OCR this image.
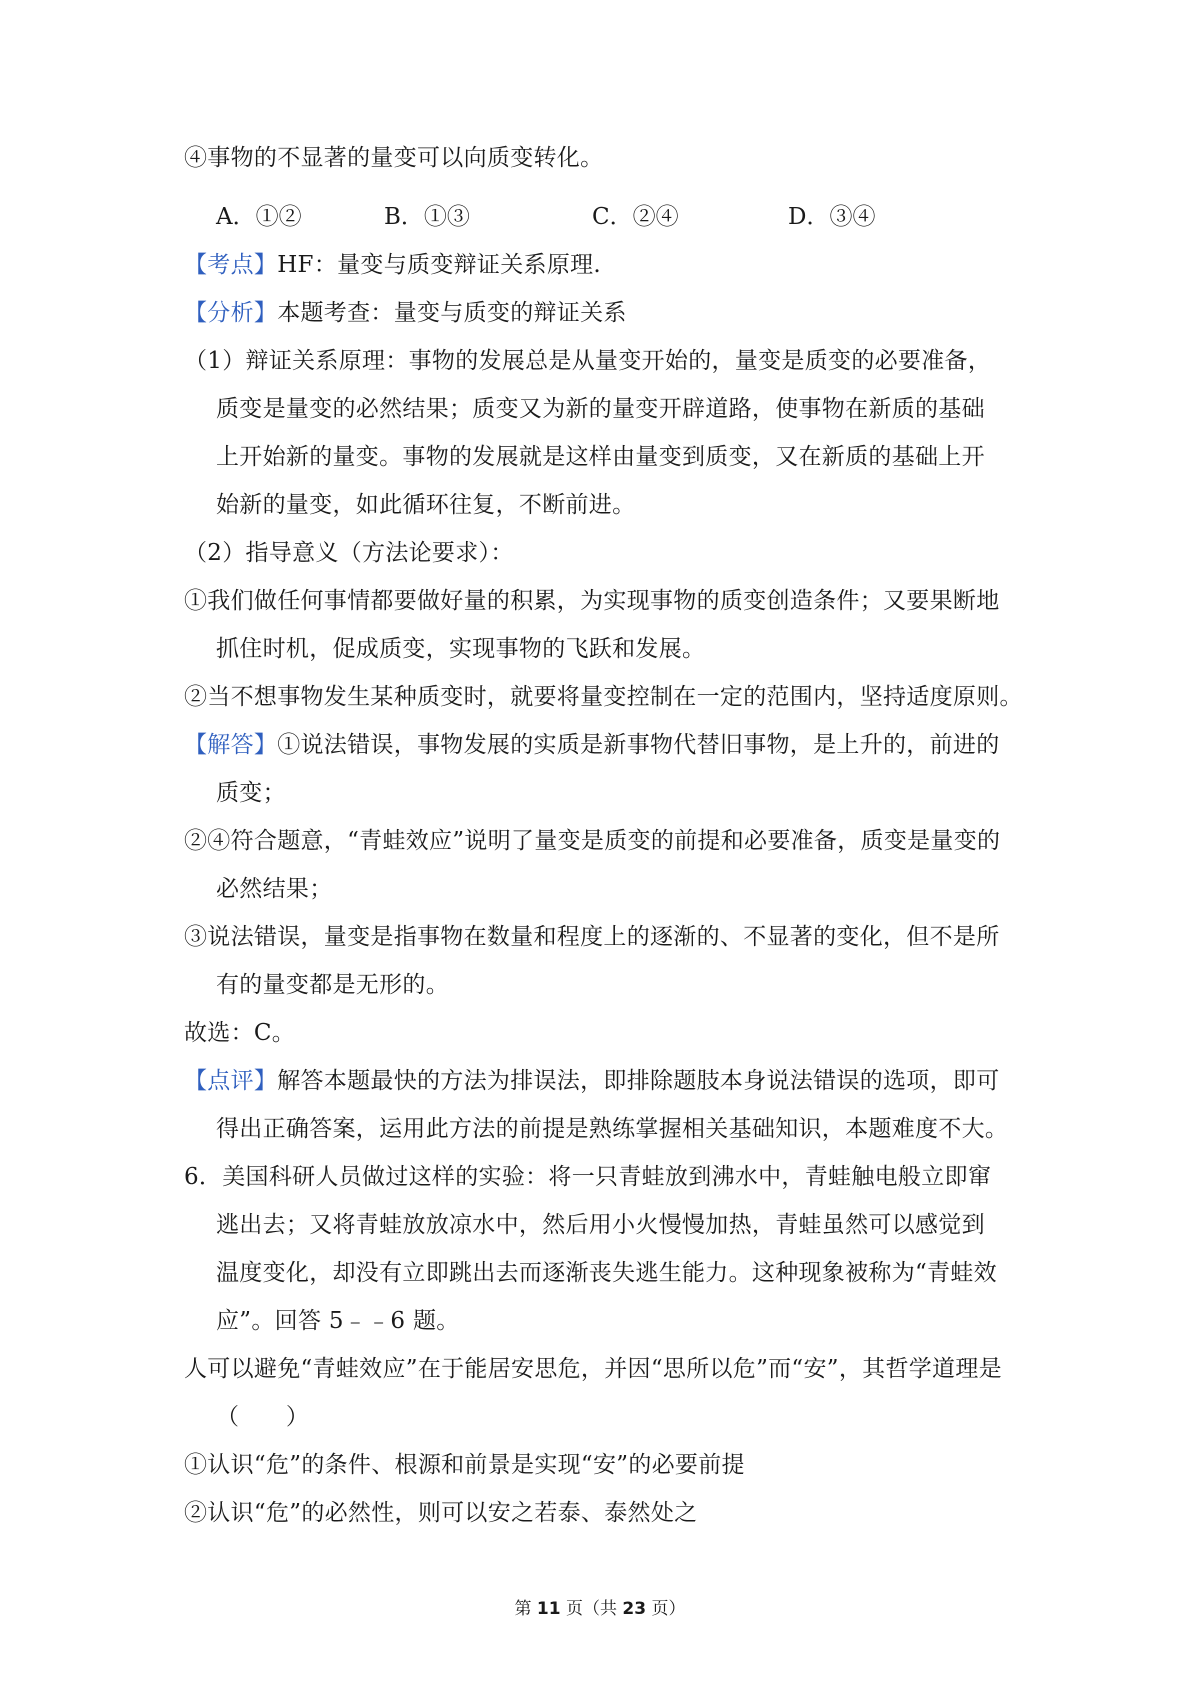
④事物的不显著的量变可以向质变转化。
A．①②	B．①③	C．②④	D．③④
【考点】HF：量变与质变辩证关系原理.
【分析】本题考查：量变与质变的辩证关系
（1）辩证关系原理：事物的发展总是从量变开始的，量变是质变的必要准备，
质变是量变的必然结果；质变又为新的量变开辟道路，使事物在新质的基础
上开始新的量变。事物的发展就是这样由量变到质变，又在新质的基础上开
始新的量变，如此循环往复，不断前进。
（2）指导意义（方法论要求）：
①我们做任何事情都要做好量的积累，为实现事物的质变创造条件；又要果断地
抓住时机，促成质变，实现事物的飞跃和发展。
②当不想事物发生某种质变时，就要将量变控制在一定的范围内，坚持适度原则。
【解答】①说法错误，事物发展的实质是新事物代替旧事物，是上升的，前进的
质变；
②④符合题意，“青蛙效应”说明了量变是质变的前提和必要准备，质变是量变的
必然结果；
③说法错误，量变是指事物在数量和程度上的逐渐的、不显著的变化，但不是所
有的量变都是无形的。
故选：C。
【点评】解答本题最快的方法为排误法，即排除题肢本身说法错误的选项，即可
得出正确答案，运用此方法的前提是熟练掌握相关基础知识，本题难度不大。
6．美国科研人员做过这样的实验：将一只青蛙放到沸水中，青蛙触电般立即窜
逃出去；又将青蛙放放凉水中，然后用小火慢慢加热，青蛙虽然可以感觉到
温度变化，却没有立即跳出去而逐渐丧失逃生能力。这种现象被称为“青蛙效
应”。回答 5﹣﹣6 题。
人可以避免“青蛙效应”在于能居安思危，并因“思所以危”而“安”，其哲学道理是
（　　）
①认识“危”的条件、根源和前景是实现“安”的必要前提
②认识“危”的必然性，则可以安之若泰、泰然处之
第 11 页（共 23 页）
